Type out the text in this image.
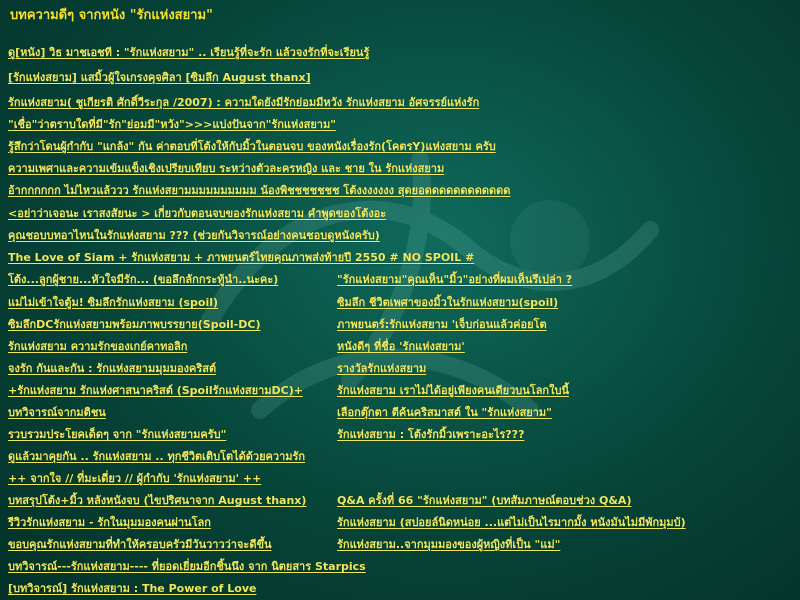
บทความดีๆ จากหนัง "รักแห่งสยาม"
ดู[หนัง] วิธ มาชเอชที : "รักแห่งสยาม" .. เรียนรู้ที่จะรัก แล้วจงรักที่จะเรียนรู้
[รักแห่งสยาม] แสมิ้วผู้ใจเกรงคุจศิลา [ซิมลึก August thanx]
รักแห่งสยาม( ชูเกียรติ ศักดิ์วีระกุล /2007) : ความใดยังมีรักย่อมมีหวัง รักแห่งสยาม อัศจรรย์แห่งรัก
"เชื่อ"ว่าตราบใดที่มี"รัก"ย่อมมี"หวัง">>>แบ่งปันจาก"รักแห่งสยาม"
รู้สึกว่าโดนผู้กำกับ "แกล้ง" กัน ค่าตอบที่โต้งให้กับมิ้วในตอนจบ ของหนังเรื่องรัก(โคตรY)แห่งสยาม ครับ
ความเพศาและความเข้มแข็งเชิงเปรียบเทียบ ระหว่างตัวละครหญิง และ ชาย ใน รักแห่งสยาม
อ้ากกกกกก ไม่ไหวแล้ววว รักแห่งสยามมมมมมมมมม น้องพิชชชชชชช โต้งงงงงงง สุดยอดดดดดดดดดดดด
<อย่าว่าเจอนะ เราสงสัยนะ > เกี่ยวกับตอนจบของรักแห่งสยาม คำพูดของโต้งอะ
คุณชอบบทอาไหนในรักแห่งสยาม ??? (ช่วยกันวิจารณ์อย่างคนชอบดูหนังครับ)
The Love of Siam + รักแห่งสยาม + ภาพยนตร์ไทยคุณภาพส่งท้ายปี 2550 # NO SPOIL #
โต้ง...ลูกผู้ชาย...หัวใจมีรัก... (ขอลึกลักกระทู้นำ..นะคะ)	"รักแห่งสยาม"คุณเห็น"มิ้ว"อย่างที่ผมเห็นรึเปล่า ?
แม่ไม่เข้าใจตู้ม! ซิมลึกรักแห่งสยาม (spoil)	ซิมลึก ชีวิตเพศาของมิ้วในรักแห่งสยาม(spoil)
ซิมลึกDCรักแห่งสยามพร้อมภาพบรรยาย(Spoil-DC)	ภาพยนตร์:รักแห่งสยาม 'เจ็บก่อนแล้วค่อยโต
รักแห่งสยาม ความรักของเกย์คาทอลิก	หนังดีๆ ที่ชื่อ 'รักแห่งสยาม'
จงรัก กันและกัน : รักแห่งสยามมุมมองคริสต์	รางวัลรักแห่งสยาม
+รักแห่งสยาม รักแห่งศาสนาคริสต์ (Spoilรักแห่งสยามDC)+	รักแห่งสยาม เราไม่ได้อยู่เพียงคนเดียวบนโลกใบนี้
บทวิจารณ์จากมติชน	เลือกตุ๊กตา ตีค้นคริสมาสต์ ใน "รักแห่งสยาม"
รวบรวมประโยคเด็ดๆ จาก "รักแห่งสยามครับ"	รักแห่งสยาม : โต้งรักมิ้วเพราะอะไร???
ดูแล้วมาคุยกัน .. รักแห่งสยาม .. ทุกชีวิตเติบโตได้ด้วยความรัก
++ จากใจ // ที่มะเดี่ยว // ผู้กำกับ 'รักแห่งสยาม' ++
บทสรุปโต้ง+มิ้ว หลังหนังจบ (ไขปริศนาจาก August thanx)	Q&A ครั้งที่ 66 "รักแห่งสยาม" (บทสัมภาษณ์ตอบช่วง Q&A)
รีวิวรักแห่งสยาม - รักในมุมมองคนผ่านโลก	รักแห่งสยาม (สปอยล์นิดหน่อย ...แต่ไม่เป็นไรมากมั้ง หนังมันไม่มีพักมุมบ้)
ขอบคุณรักแห่งสยามที่ทำให้ครอบครัวมีวันวาวว่าจะดีขึ้น	รักแห่งสยาม..จากมุมมองของผู้หญิงที่เป็น "แม่"
บทวิจารณ์---รักแห่งสยาม---- ที่ยอดเยี่ยมอีกชิ้นนึง จาก นิตยสาร Starpics
[บทวิจารณ์] รักแห่งสยาม : The Power of Love
